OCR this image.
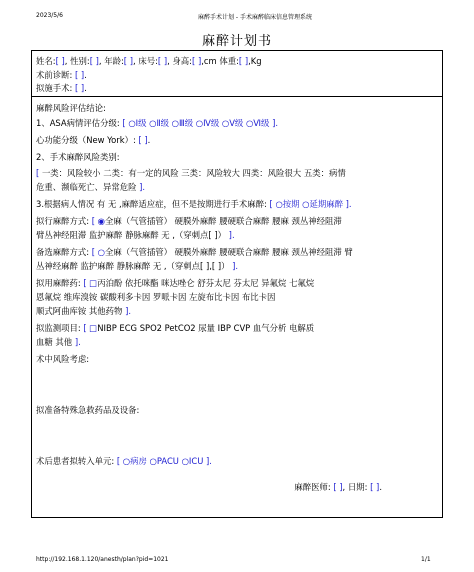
2023/5/6	麻醉手术计划 - 手术麻醉临床信息管理系统
麻醉计划书
姓名:[ ], 性别:[ ], 年龄:[ ], 床号:[ ], 身高:[ ],cm 体重:[ ],Kg
术前诊断: [ ].
拟施手术: [ ].
麻醉风险评估结论:
1、ASA病情评估分级: [ ○Ⅰ级 ○Ⅱ级 ○Ⅲ级 ○Ⅳ级 ○Ⅴ级 ○Ⅵ级 ].
心功能分级（New York）: [ ].
2、手术麻醉风险类别:
[ 一类：风险较小 二类：有一定的风险 三类：风险较大 四类：风险很大 五类：病情
危重、濒临死亡、异常危险 ].
3.根据病人情况 有 无 ,麻醉适应症，但不是按期进行手术麻醉: [ ○按期 ○延期麻醉 ].
拟行麻醉方式: [ ◉全麻（气管插管） 硬膜外麻醉 腰硬联合麻醉 腰麻 颈丛神经阻滞
臂丛神经阻滞 监护麻醉 静脉麻醉 无 ,（穿刺点[ ]） ].
备选麻醉方式: [ ○全麻（气管插管） 硬膜外麻醉 腰硬联合麻醉 腰麻 颈丛神经阻滞 臂
丛神经麻醉 监护麻醉 静脉麻醉 无 ,（穿刺点[ ],[ ]） ].
拟用麻醉药: [ □丙泊酚 依托咪酯 咪达唑仑 舒芬太尼 芬太尼 异氟烷 七氟烷
恩氟烷 维库溴铵 碳酸利多卡因 罗哌卡因 左旋布比卡因 布比卡因
顺式阿曲库铵 其他药物 ].
拟监测项目: [ □NIBP ECG SPO2 PetCO2 尿量 IBP CVP 血气分析 电解质
血糖 其他 ].
术中风险考虑:
拟准备特殊急救药品及设备:
术后患者拟转入单元: [ ○病房 ○PACU ○ICU ].
麻醉医师: [ ], 日期: [ ].
http://192.168.1.120/anesth/plan?pid=1021	1/1
